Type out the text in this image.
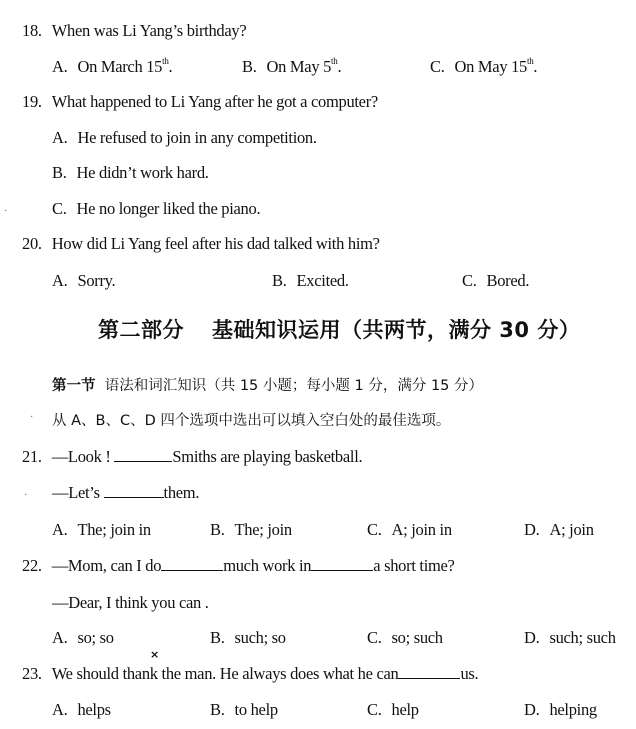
18. When was Li Yang’s birthday?
A. On March 15th.	B. On May 5th.	C. On May 15th.
19. What happened to Li Yang after he got a computer?
A. He refused to join in any competition.
B. He didn’t work hard.
C. He no longer liked the piano.
·
20. How did Li Yang feel after his dad talked with him?
A. Sorry.	B. Excited.	C. Bored.
第二部分 基础知识运用（共两节，满分 30 分）
第一节 语法和词汇知识（共 15 小题；每小题 1 分，满分 15 分）
· 从 A、B、C、D 四个选项中选出可以填入空白处的最佳选项。
21. —Look !	Smiths are playing basketball.
· —Let’s	them.
A. The; join in	B. The; join	C. A; join in	D. A; join
22. —Mom, can I do	much work in	a short time?
—Dear, I think you can .
A. so; so	B. such; so	C. so; such	D. such; such
×
23. We should thank the man. He always does what he can	us.
A. helps	B. to help	C. help	D. helping
